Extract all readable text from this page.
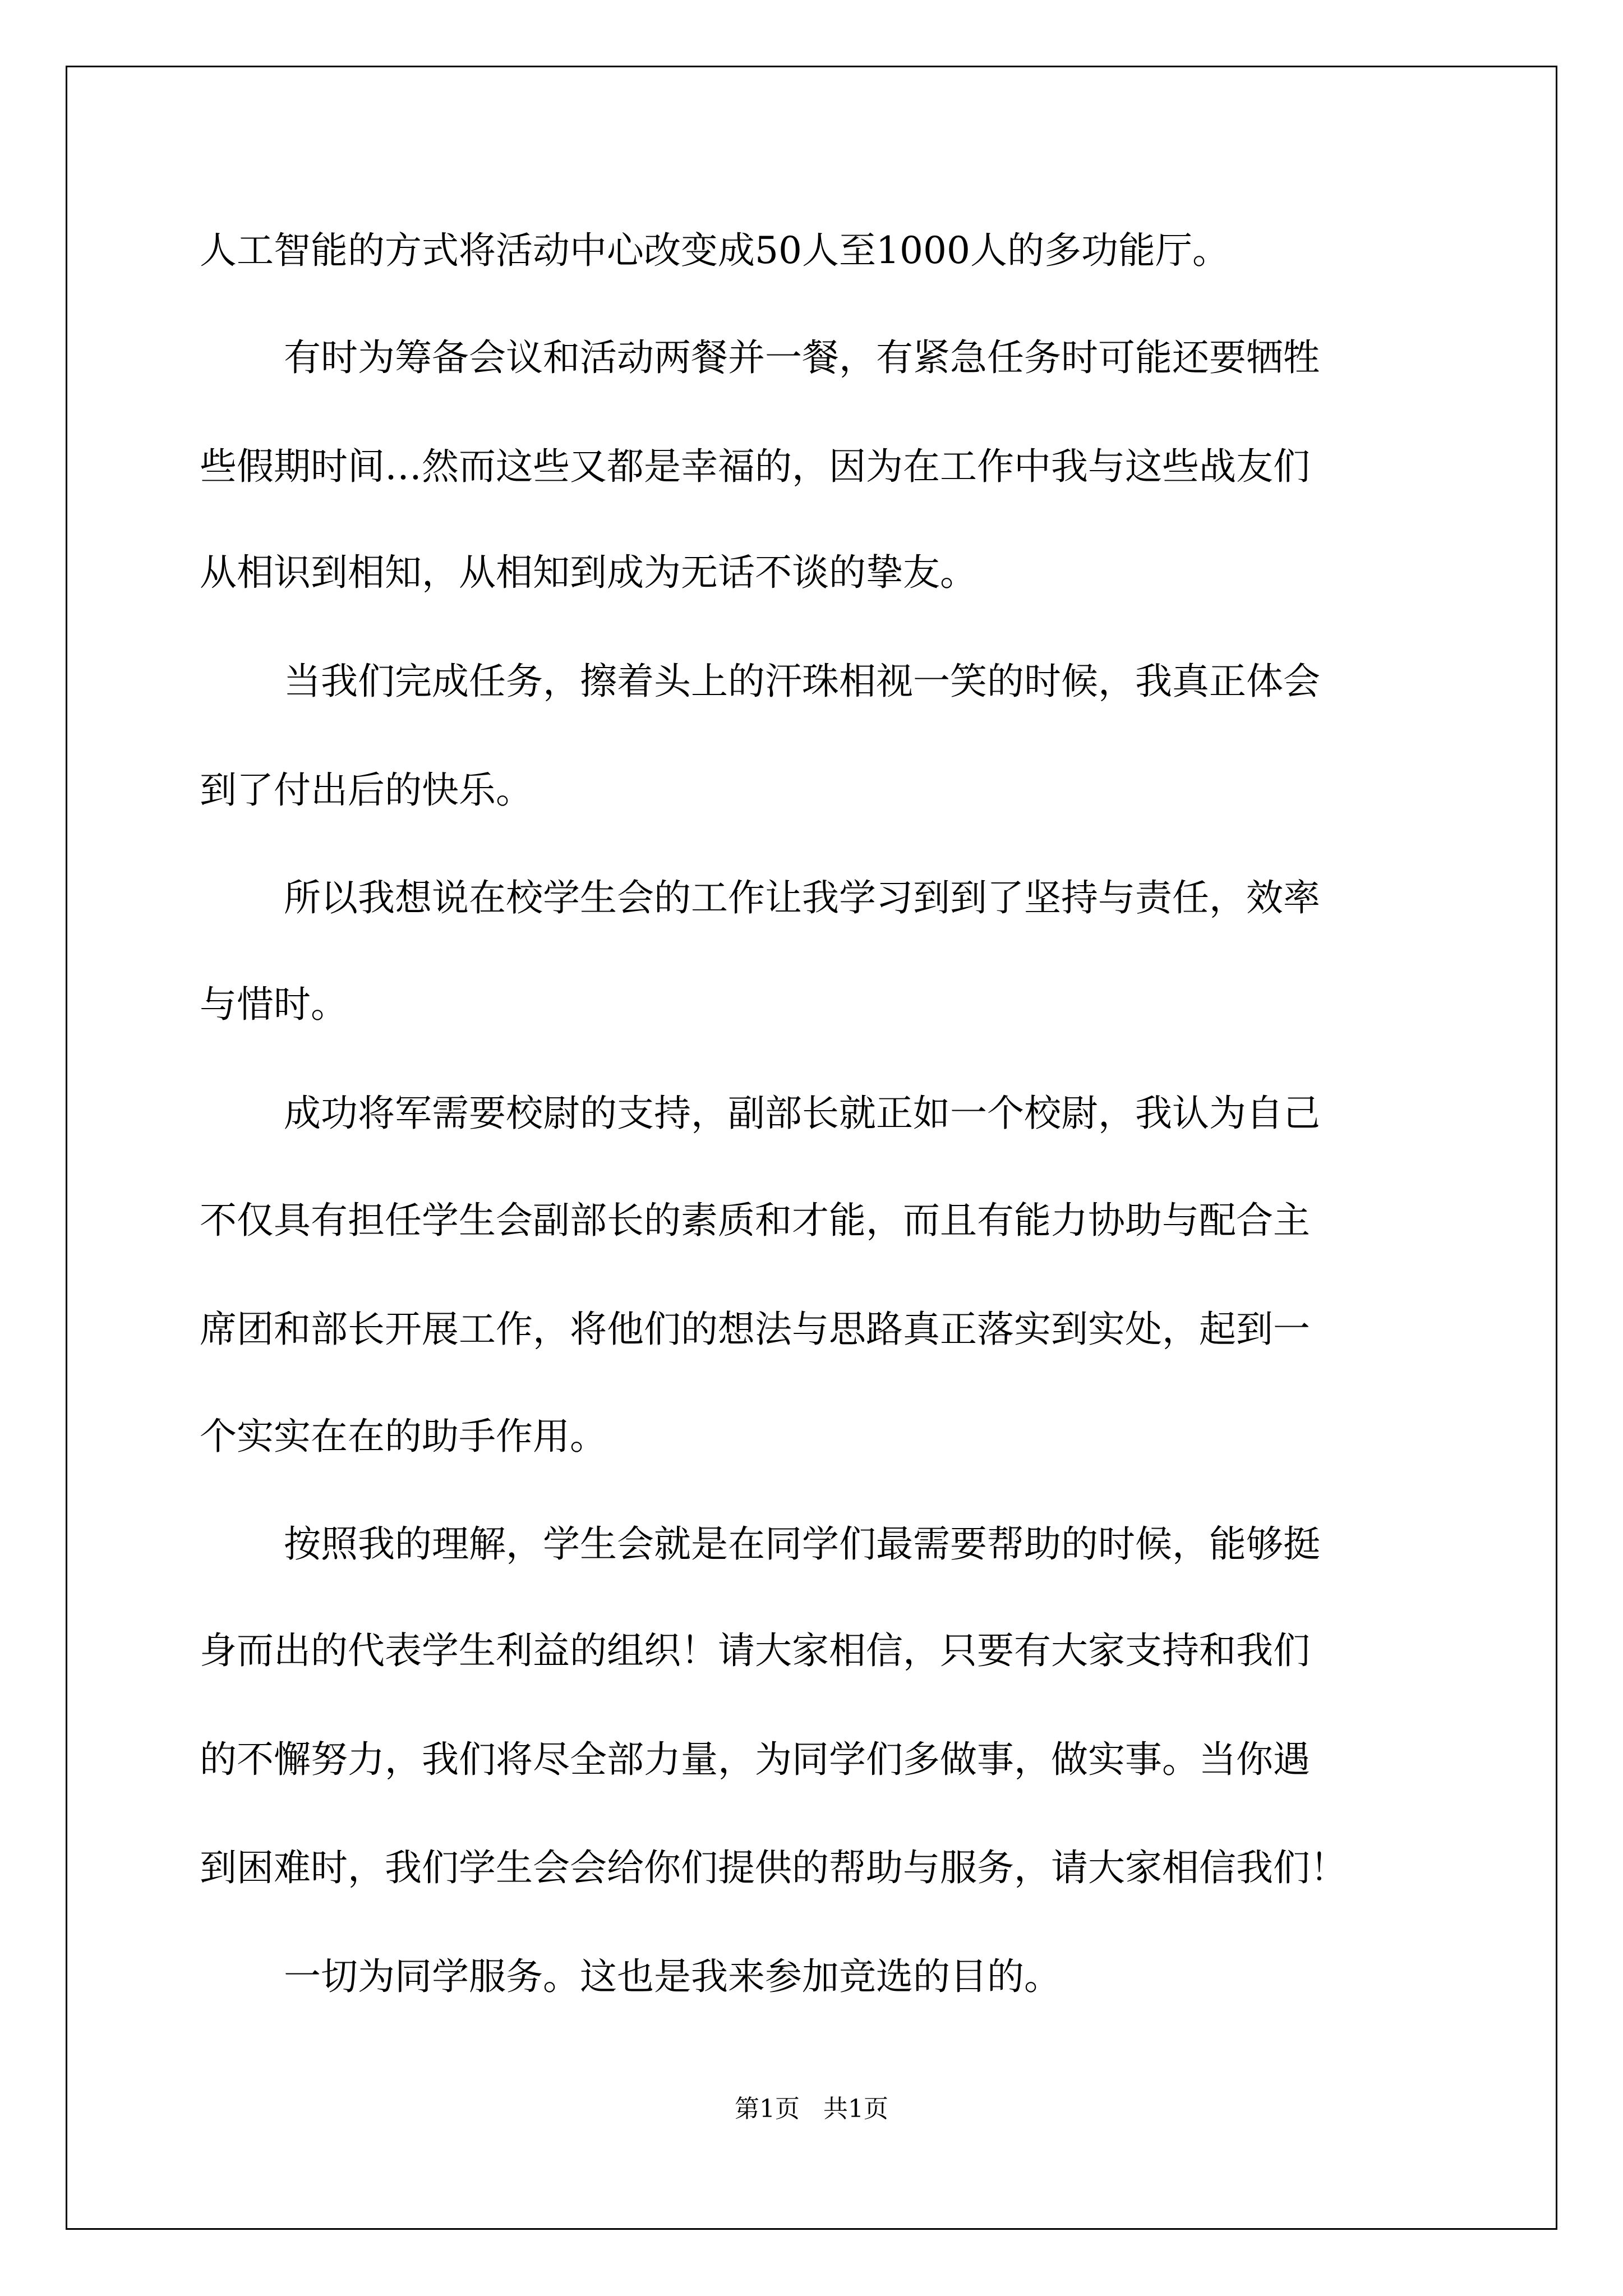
人工智能的方式将活动中心改变成50人至1000人的多功能厅。
有时为筹备会议和活动两餐并一餐，有紧急任务时可能还要牺牲
些假期时间…然而这些又都是幸福的，因为在工作中我与这些战友们
从相识到相知，从相知到成为无话不谈的挚友。
当我们完成任务，擦着头上的汗珠相视一笑的时候，我真正体会
到了付出后的快乐。
所以我想说在校学生会的工作让我学习到到了坚持与责任，效率
与惜时。
成功将军需要校尉的支持，副部长就正如一个校尉，我认为自己
不仅具有担任学生会副部长的素质和才能，而且有能力协助与配合主
席团和部长开展工作，将他们的想法与思路真正落实到实处，起到一
个实实在在的助手作用。
按照我的理解，学生会就是在同学们最需要帮助的时候，能够挺
身而出的代表学生利益的组织！请大家相信，只要有大家支持和我们
的不懈努力，我们将尽全部力量，为同学们多做事，做实事。当你遇
到困难时，我们学生会会给你们提供的帮助与服务，请大家相信我们！
一切为同学服务。这也是我来参加竞选的目的。
第1页   共1页
